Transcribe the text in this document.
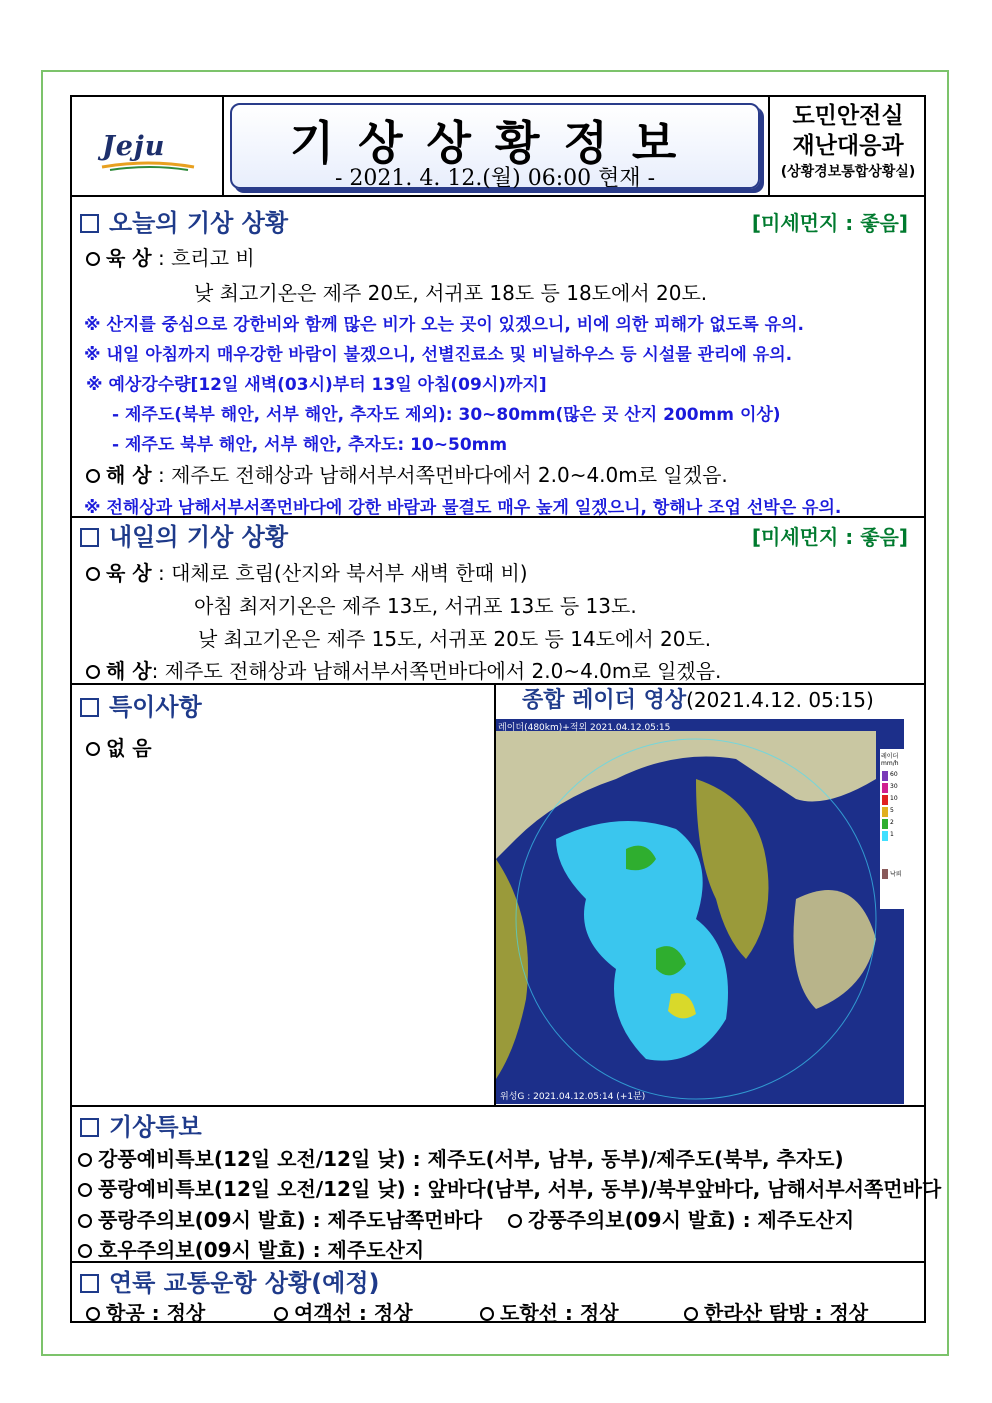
Jeju	기상상황정보
- 2021. 4. 12.(월) 06:00 현재 -
도민안전실
재난대응과
(상황경보통합상황실)
오늘의 기상 상황	[미세먼지 : 좋음]
육 상 : 흐리고 비
낮 최고기온은 제주 20도, 서귀포 18도 등 18도에서 20도.
※ 산지를 중심으로 강한비와 함께 많은 비가 오는 곳이 있겠으니, 비에 의한 피해가 없도록 유의.
※ 내일 아침까지 매우강한 바람이 불겠으니, 선별진료소 및 비닐하우스 등 시설물 관리에 유의.
※ 예상강수량[12일 새벽(03시)부터 13일 아침(09시)까지]
- 제주도(북부 해안, 서부 해안, 추자도 제외): 30~80mm(많은 곳 산지 200mm 이상)
- 제주도 북부 해안, 서부 해안, 추자도: 10~50mm
해 상 : 제주도 전해상과 남해서부서쪽먼바다에서 2.0~4.0m로 일겠음.
※ 전해상과 남해서부서쪽먼바다에 강한 바람과 물결도 매우 높게 일겠으니, 항해나 조업 선박은 유의.
내일의 기상 상황	[미세먼지 : 좋음]
육 상 : 대체로 흐림(산지와 북서부 새벽 한때 비)
아침 최저기온은 제주 13도, 서귀포 13도 등 13도.
낮 최고기온은 제주 15도, 서귀포 20도 등 14도에서 20도.
해 상: 제주도 전해상과 남해서부서쪽먼바다에서 2.0~4.0m로 일겠음.
특이사항
없 음
종합 레이더 영상(2021.4.12. 05:15)
레이더(480km)+적외 2021.04.12.05:15
위성G : 2021.04.12.05:14 (+1분)
레이더
mm/h
60
30
10
5
2
1
낙뢰
기상특보
강풍예비특보(12일 오전/12일 낮) : 제주도(서부, 남부, 동부)/제주도(북부, 추자도)
풍랑예비특보(12일 오전/12일 낮) : 앞바다(남부, 서부, 동부)/북부앞바다, 남해서부서쪽먼바다
풍랑주의보(09시 발효) : 제주도남쪽먼바다	강풍주의보(09시 발효) : 제주도산지
호우주의보(09시 발효) : 제주도산지
연륙 교통운항 상황(예정)
항공 : 정상	여객선 : 정상	도항선 : 정상	한라산 탐방 : 정상
